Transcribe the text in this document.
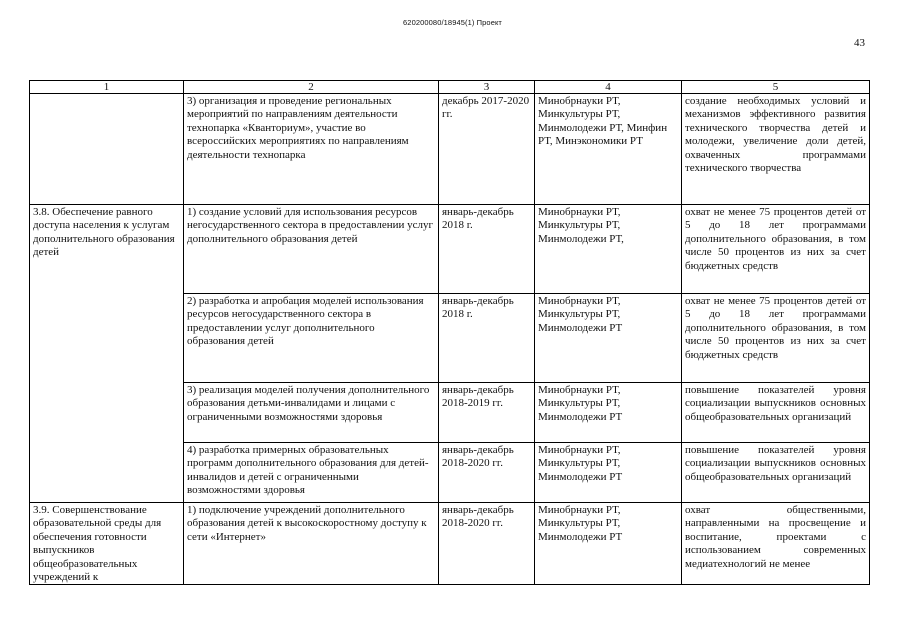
620200080/18945(1) Проект
43
1	2	3	4	5
	3) организация и проведение региональных мероприятий по направлениям деятельности технопарка «Кванториум», участие во всероссийских мероприятиях по направлениям деятельности технопарка	декабрь 2017-2020 гг.	Минобрнауки РТ, Минкультуры РТ, Минмолодежи РТ, Минфин РТ, Минэкономики РТ	создание необходимых условий и механизмов эффективного развития технического творчества детей и молодежи, увеличение доли детей, охваченных программами технического творчества
3.8. Обеспечение равного доступа населения к услугам дополнительного образования детей	1) создание условий для использования ресурсов негосударственного сектора в предоставлении услуг дополнительного образования детей	январь-декабрь 2018 г.	Минобрнауки РТ, Минкультуры РТ, Минмолодежи РТ,	охват не менее 75 процентов детей от 5 до 18 лет программами дополнительного образования, в том числе 50 процентов из них за счет бюджетных средств
	2) разработка и апробация моделей использования ресурсов негосударственного сектора в предоставлении услуг дополнительного образования детей	январь-декабрь 2018 г.	Минобрнауки РТ, Минкультуры РТ, Минмолодежи РТ	охват не менее 75 процентов детей от 5 до 18 лет программами дополнительного образования, в том числе 50 процентов из них за счет бюджетных средств
	3) реализация моделей получения дополнительного образования детьми-инвалидами и лицами с ограниченными возможностями здоровья	январь-декабрь 2018-2019 гг.	Минобрнауки РТ, Минкультуры РТ, Минмолодежи РТ	повышение показателей уровня социализации выпускников основных общеобразовательных организаций
	4) разработка примерных образовательных программ дополнительного образования для детей-инвалидов и детей с ограниченными возможностями здоровья	январь-декабрь 2018-2020 гг.	Минобрнауки РТ, Минкультуры РТ, Минмолодежи РТ	повышение показателей уровня социализации выпускников основных общеобразовательных организаций
3.9. Совершенствование образовательной среды для обеспечения готовности выпускников общеобразовательных учреждений к	1) подключение учреждений дополнительного образования детей к высокоскоростному доступу к сети «Интернет»	январь-декабрь 2018-2020 гг.	Минобрнауки РТ, Минкультуры РТ, Минмолодежи РТ	охват общественными, направленными на просвещение и воспитание, проектами с использованием современных медиатехнологий не менее
